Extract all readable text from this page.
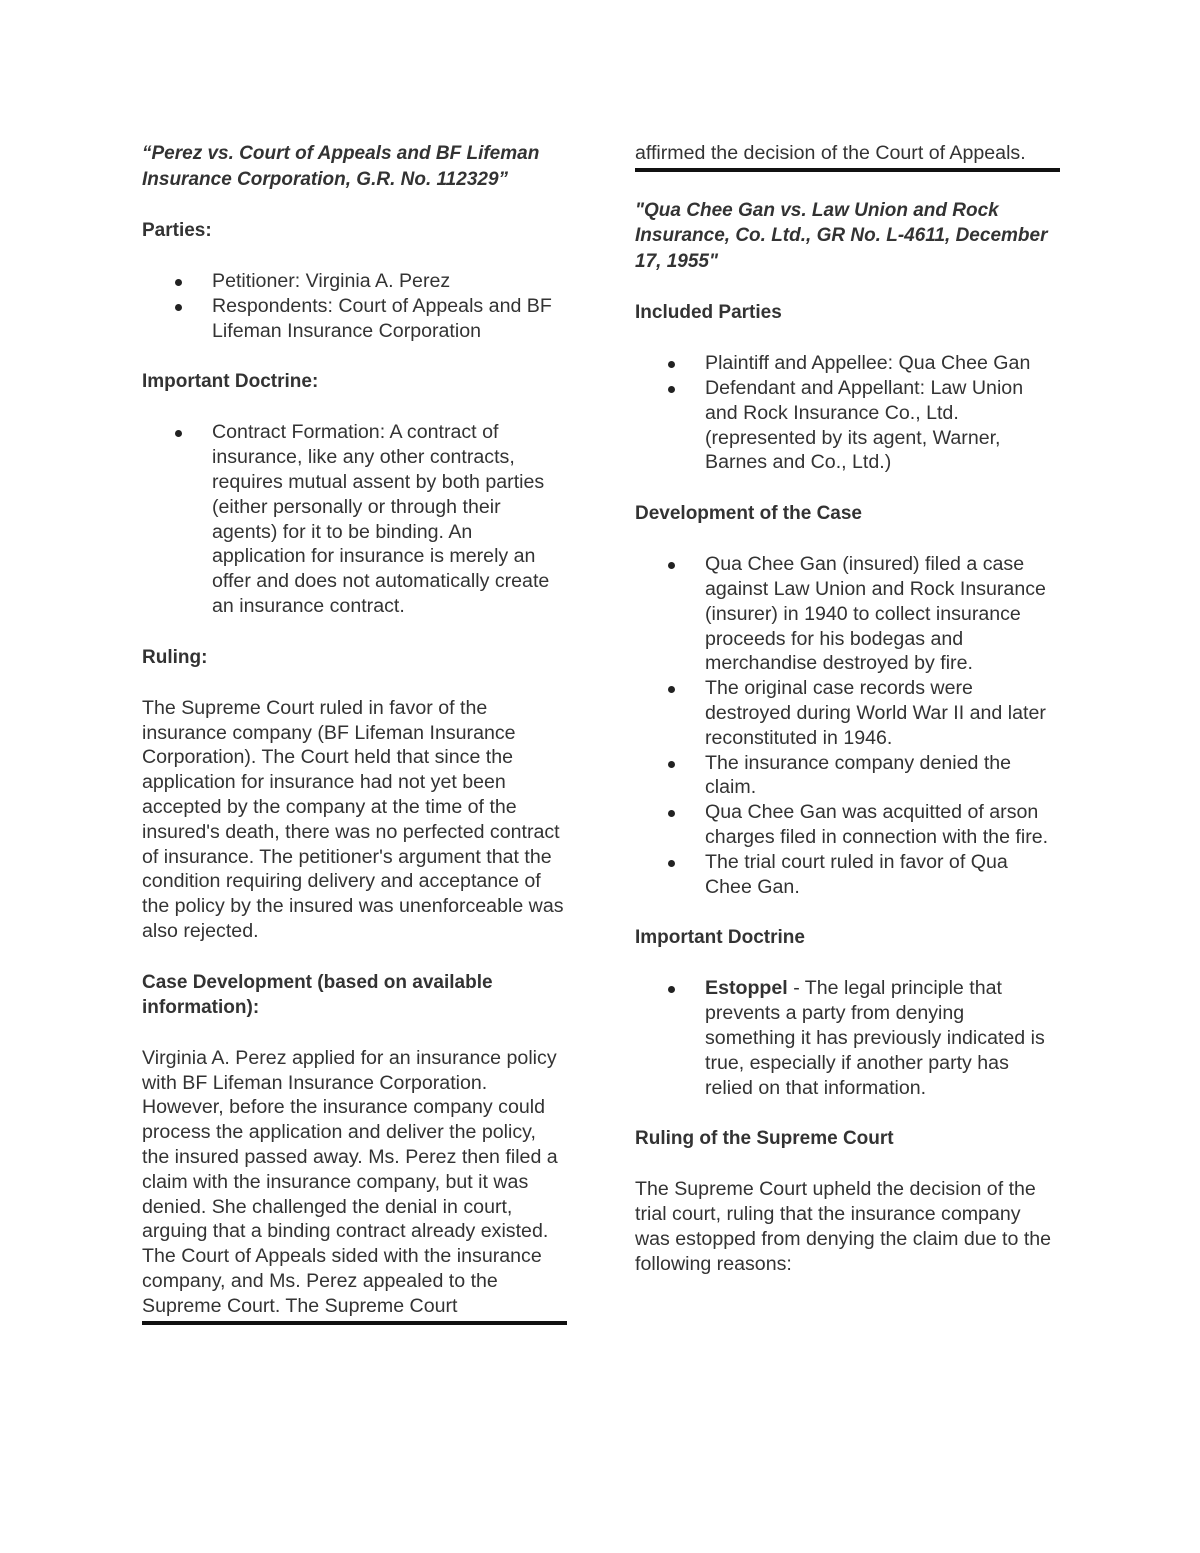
“Perez vs. Court of Appeals and BF Lifeman Insurance Corporation, G.R. No. 112329”

Parties:

Petitioner: Virginia A. Perez
Respondents: Court of Appeals and BF Lifeman Insurance Corporation

Important Doctrine:

Contract Formation: A contract of insurance, like any other contracts, requires mutual assent by both parties (either personally or through their agents) for it to be binding. An application for insurance is merely an offer and does not automatically create an insurance contract.

Ruling:

The Supreme Court ruled in favor of the insurance company (BF Lifeman Insurance Corporation). The Court held that since the application for insurance had not yet been accepted by the company at the time of the insured's death, there was no perfected contract of insurance. The petitioner's argument that the condition requiring delivery and acceptance of the policy by the insured was unenforceable was also rejected.

Case Development (based on available information):

Virginia A. Perez applied for an insurance policy with BF Lifeman Insurance Corporation. However, before the insurance company could process the application and deliver the policy, the insured passed away. Ms. Perez then filed a claim with the insurance company, but it was denied. She challenged the denial in court, arguing that a binding contract already existed. The Court of Appeals sided with the insurance company, and Ms. Perez appealed to the Supreme Court. The Supreme Court

affirmed the decision of the Court of Appeals.

"Qua Chee Gan vs. Law Union and Rock Insurance, Co. Ltd., GR No. L-4611, December 17, 1955"

Included Parties

Plaintiff and Appellee: Qua Chee Gan
Defendant and Appellant: Law Union and Rock Insurance Co., Ltd. (represented by its agent, Warner, Barnes and Co., Ltd.)

Development of the Case

Qua Chee Gan (insured) filed a case against Law Union and Rock Insurance (insurer) in 1940 to collect insurance proceeds for his bodegas and merchandise destroyed by fire.
The original case records were destroyed during World War II and later reconstituted in 1946.
The insurance company denied the claim.
Qua Chee Gan was acquitted of arson charges filed in connection with the fire.
The trial court ruled in favor of Qua Chee Gan.

Important Doctrine

Estoppel - The legal principle that prevents a party from denying something it has previously indicated is true, especially if another party has relied on that information.

Ruling of the Supreme Court

The Supreme Court upheld the decision of the trial court, ruling that the insurance company was estopped from denying the claim due to the following reasons:
